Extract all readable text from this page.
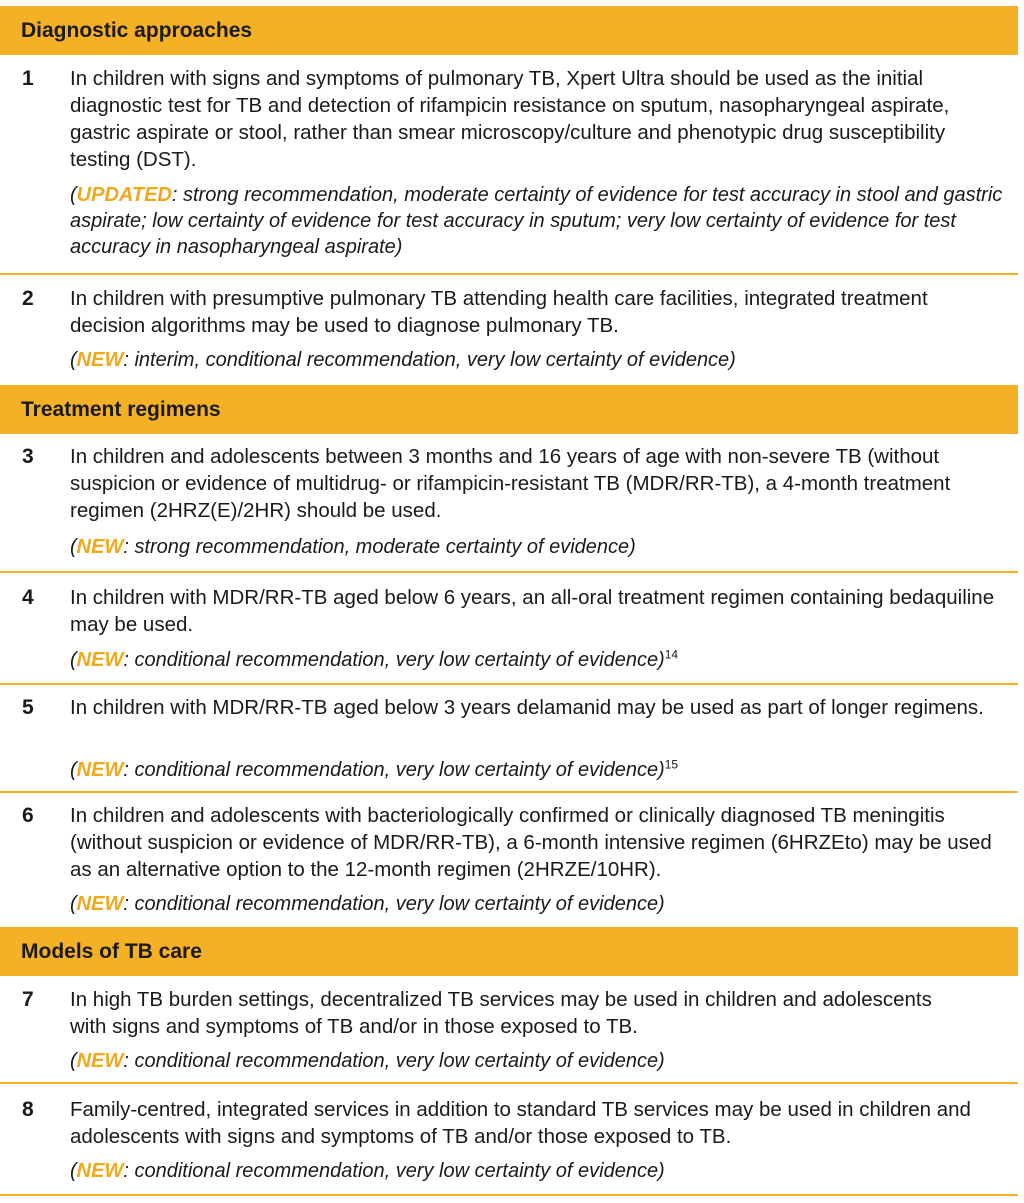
Diagnostic approaches
1 In children with signs and symptoms of pulmonary TB, Xpert Ultra should be used as the initial diagnostic test for TB and detection of rifampicin resistance on sputum, nasopharyngeal aspirate, gastric aspirate or stool, rather than smear microscopy/culture and phenotypic drug susceptibility testing (DST).
(UPDATED: strong recommendation, moderate certainty of evidence for test accuracy in stool and gastric aspirate; low certainty of evidence for test accuracy in sputum; very low certainty of evidence for test accuracy in nasopharyngeal aspirate)
2 In children with presumptive pulmonary TB attending health care facilities, integrated treatment decision algorithms may be used to diagnose pulmonary TB.
(NEW: interim, conditional recommendation, very low certainty of evidence)
Treatment regimens
3 In children and adolescents between 3 months and 16 years of age with non-severe TB (without suspicion or evidence of multidrug- or rifampicin-resistant TB (MDR/RR-TB), a 4-month treatment regimen (2HRZ(E)/2HR) should be used.
(NEW: strong recommendation, moderate certainty of evidence)
4 In children with MDR/RR-TB aged below 6 years, an all-oral treatment regimen containing bedaquiline may be used.
(NEW: conditional recommendation, very low certainty of evidence)$^{14}$
5 In children with MDR/RR-TB aged below 3 years delamanid may be used as part of longer regimens.
(NEW: conditional recommendation, very low certainty of evidence)$^{15}$
6 In children and adolescents with bacteriologically confirmed or clinically diagnosed TB meningitis (without suspicion or evidence of MDR/RR-TB), a 6-month intensive regimen (6HRZEto) may be used as an alternative option to the 12-month regimen (2HRZE/10HR).
(NEW: conditional recommendation, very low certainty of evidence)
Models of TB care
7 In high TB burden settings, decentralized TB services may be used in children and adolescents with signs and symptoms of TB and/or in those exposed to TB.
(NEW: conditional recommendation, very low certainty of evidence)
8 Family-centred, integrated services in addition to standard TB services may be used in children and adolescents with signs and symptoms of TB and/or those exposed to TB.
(NEW: conditional recommendation, very low certainty of evidence)
